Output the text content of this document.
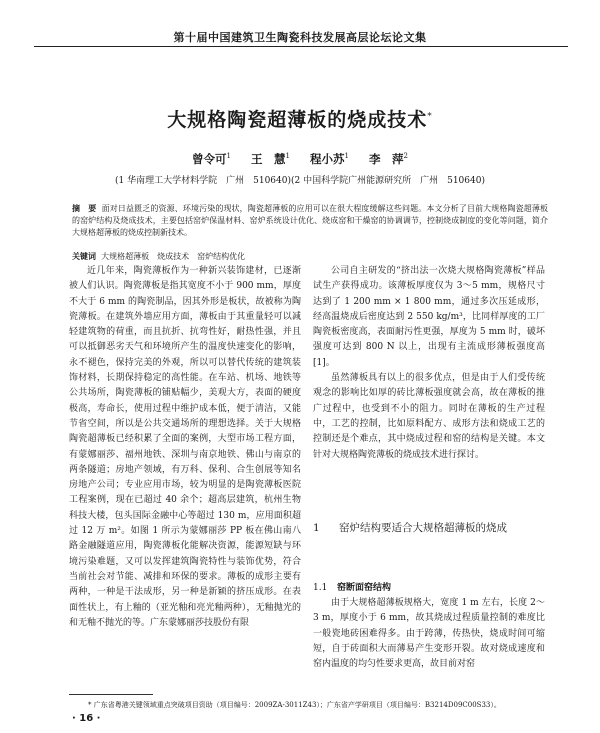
第十届中国建筑卫生陶瓷科技发展高层论坛论文集
大规格陶瓷超薄板的烧成技术*
曾令可$^1$ 王　慧$^1$ 程小苏$^1$ 李　萍$^2$
(1 华南理工大学材料学院　广州　510640)(2 中国科学院广州能源研究所　广州　510640)
摘　要 面对日益匮乏的资源、环境污染的现状，陶瓷超薄板的应用可以在很大程度缓解这些问题。本文分析了目前大规格陶瓷超薄板的窑炉结构及烧成技术，主要包括窑炉保温材料、窑炉系统设计优化、烧成窑和干燥窑的协调调节，控制烧成制度的变化等问题，简介大规格超薄板的烧成控制新技术。
关键词 大规格超薄板　烧成技术　窑炉结构优化

近几年来，陶瓷薄板作为一种新兴装饰建材，已逐渐被人们认识。陶瓷薄板是指其宽度不小于 900 mm，厚度不大于 6 mm 的陶瓷制品，因其外形是板状，故被称为陶瓷薄板。在建筑外墙应用方面，薄板由于其重量轻可以减轻建筑物的荷重，而且抗折、抗弯性好，耐热性强，并且可以抵御恶劣天气和环境所产生的温度快速变化的影响，永不褪色，保持完美的外观，所以可以替代传统的建筑装饰材料，长期保持稳定的高性能。在车站、机场、地铁等公共场所，陶瓷薄板的铺贴幅少，美观大方，表面的硬度极高，寿命长，使用过程中维护成本低，便于清洁，又能节省空间，所以是公共交通场所的理想选择。关于大规格陶瓷超薄板已经积累了全面的案例，大型市场工程方面，有蒙娜丽莎、福州地铁、深圳与南京地铁、佛山与南京的两条隧道；房地产领域，有万科、保利、合生创展等知名房地产公司；专业应用市场，较为明显的是陶瓷薄板医院工程案例，现在已超过 40 余个；超高层建筑，杭州生物科技大楼，包头国际金融中心等超过 130 m，应用面积超过 12 万 m²。如图 1 所示为蒙娜丽莎 PP 板在佛山南八路金融隧道应用，陶瓷薄板化能解决资源，能源短缺与环境污染难题，又可以发挥建筑陶瓷特性与装饰优势，符合当前社会对节能、减排和环保的要求。薄板的成形主要有两种，一种是干法成形，另一种是新颖的挤压成形。在表面性状上，有上釉的（亚光釉和亮光釉两种），无釉抛光的和无釉不抛光的等。广东蒙娜丽莎技股份有限

公司自主研发的“挤出法一次烧大规格陶瓷薄板”样品试生产获得成功。该薄板厚度仅为 3～5 mm，规格尺寸达到了 1 200 mm × 1 800 mm，通过多次压延成形，经高温烧成后密度达到 2 550 kg/m³，比同样厚度的工厂陶瓷板密度高，表面耐污性更强，厚度为 5 mm 时，破坏强度可达到 800 N 以上，出现有主流成形薄板强度高[1]。

虽然薄板具有以上的很多优点，但是由于人们受传统观念的影响比如厚的砖比薄板强度就会高，故在薄板的推广过程中，也受到不小的阻力。同时在薄板的生产过程中，工艺的控制，比如原料配方、成形方法和烧成工艺的控制还是个难点，其中烧成过程和窑的结构是关键。本文针对大规格陶瓷薄板的烧成技术进行探讨。

1 窑炉结构要适合大规格超薄板的烧成
1.1 窑断面窑结构

由于大规格超薄板规格大，宽度 1 m 左右，长度 2～3 m，厚度小于 6 mm，故其烧成过程质量控制的难度比一般瓷地砖困难得多。由于跨薄，传热快，烧成时间可缩短，自于砖面积大而薄易产生变形开裂。故对烧成速度和窑内温度的均匀性要求更高，故目前对窑

* 广东省粤港关键领域重点突破项目资助（项目编号：2009ZA-3011Z43）；广东省产学研项目（项目编号：B3214D09C00S33）。
· 16 ·
